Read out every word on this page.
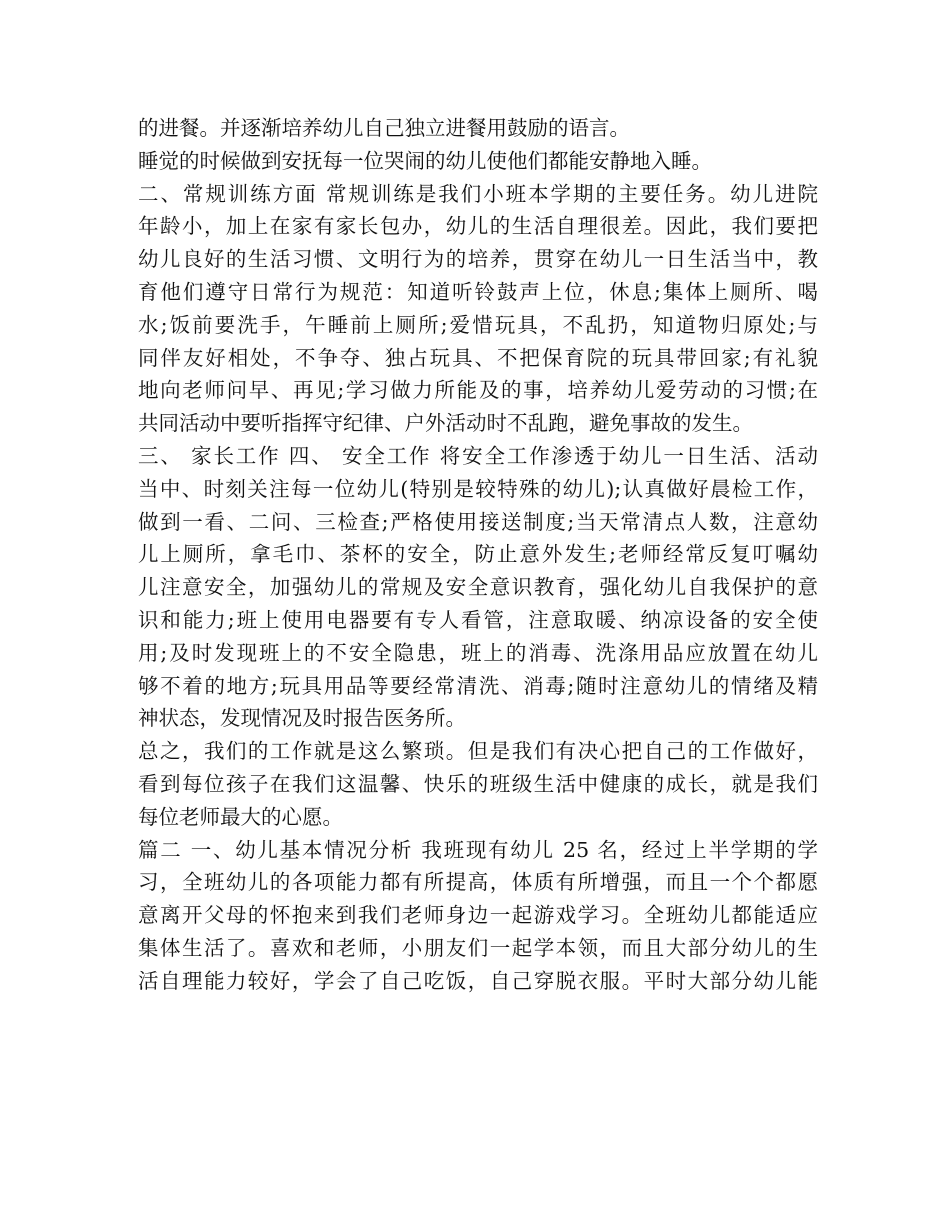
的进餐。并逐渐培养幼儿自己独立进餐用鼓励的语言。
睡觉的时候做到安抚每一位哭闹的幼儿使他们都能安静地入睡。
二、常规训练方面 常规训练是我们小班本学期的主要任务。幼儿进院
年龄小，加上在家有家长包办，幼儿的生活自理很差。因此，我们要把
幼儿良好的生活习惯、文明行为的培养，贯穿在幼儿一日生活当中，教
育他们遵守日常行为规范：知道听铃鼓声上位，休息;集体上厕所、喝
水;饭前要洗手，午睡前上厕所;爱惜玩具，不乱扔，知道物归原处;与
同伴友好相处，不争夺、独占玩具、不把保育院的玩具带回家;有礼貌
地向老师问早、再见;学习做力所能及的事，培养幼儿爱劳动的习惯;在
共同活动中要听指挥守纪律、户外活动时不乱跑，避免事故的发生。
三、 家长工作 四、 安全工作 将安全工作渗透于幼儿一日生活、活动
当中、时刻关注每一位幼儿(特别是较特殊的幼儿);认真做好晨检工作，
做到一看、二问、三检查;严格使用接送制度;当天常清点人数，注意幼
儿上厕所，拿毛巾、茶杯的安全，防止意外发生;老师经常反复叮嘱幼
儿注意安全，加强幼儿的常规及安全意识教育，强化幼儿自我保护的意
识和能力;班上使用电器要有专人看管，注意取暖、纳凉设备的安全使
用;及时发现班上的不安全隐患，班上的消毒、洗涤用品应放置在幼儿
够不着的地方;玩具用品等要经常清洗、消毒;随时注意幼儿的情绪及精
神状态，发现情况及时报告医务所。
总之，我们的工作就是这么繁琐。但是我们有决心把自己的工作做好，
看到每位孩子在我们这温馨、快乐的班级生活中健康的成长，就是我们
每位老师最大的心愿。
篇二 一、幼儿基本情况分析 我班现有幼儿 25 名，经过上半学期的学
习，全班幼儿的各项能力都有所提高，体质有所增强，而且一个个都愿
意离开父母的怀抱来到我们老师身边一起游戏学习。全班幼儿都能适应
集体生活了。喜欢和老师，小朋友们一起学本领，而且大部分幼儿的生
活自理能力较好，学会了自己吃饭，自己穿脱衣服。平时大部分幼儿能
